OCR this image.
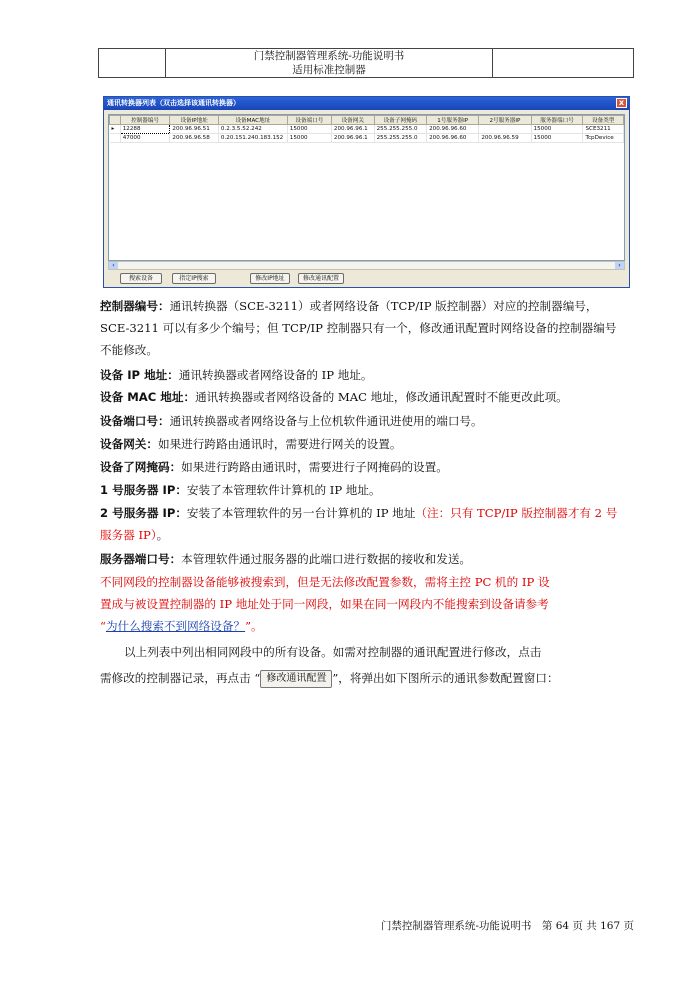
门禁控制器管理系统-功能说明书
适用标准控制器

通讯转换器列表（双击选择该通讯转换器）	x
	控制器编号	设备IP地址	设备MAC地址	设备端口号	设备网关	设备子网掩码	1号服务器IP	2号服务器IP	服务器端口号	设备类型
▸	12288	200.96.96.51	0.2.3.5.52.242	15000	200.96.96.1	255.255.255.0	200.96.96.60		15000	SCE3211
	47000	200.96.96.58	0.20.151.240.183.152	15000	200.96.96.1	255.255.255.0	200.96.96.60	200.96.96.59	15000	TcpDevice
‹	›
搜索设备	指定IP搜索	修改IP地址	修改通讯配置
控制器编号：通讯转换器（SCE-3211）或者网络设备（TCP/IP 版控制器）对应的控制器编号，
SCE-3211 可以有多少个编号；但 TCP/IP 控制器只有一个，修改通讯配置时网络设备的控制器编号
不能修改。
设备 IP 地址：通讯转换器或者网络设备的 IP 地址。
设备 MAC 地址：通讯转换器或者网络设备的 MAC 地址，修改通讯配置时不能更改此项。
设备端口号：通讯转换器或者网络设备与上位机软件通讯进使用的端口号。
设备网关：如果进行跨路由通讯时，需要进行网关的设置。
设备了网掩码：如果进行跨路由通讯时，需要进行子网掩码的设置。
1 号服务器 IP：安装了本管理软件计算机的 IP 地址。
2 号服务器 IP：安装了本管理软件的另一台计算机的 IP 地址（注：只有 TCP/IP 版控制器才有 2 号
服务器 IP）。
服务器端口号：本管理软件通过服务器的此端口进行数据的接收和发送。
不同网段的控制器设备能够被搜索到，但是无法修改配置参数，需将主控 PC 机的 IP 设
置成与被设置控制器的 IP 地址处于同一网段，如果在同一网段内不能搜索到设备请参考
“为什么搜索不到网络设备？”。
以上列表中列出相同网段中的所有设备。如需对控制器的通讯配置进行修改，点击
需修改的控制器记录，再点击 “ 修改通讯配置 ”，将弹出如下图所示的通讯参数配置窗口：
门禁控制器管理系统-功能说明书　第 64 页 共 167 页
